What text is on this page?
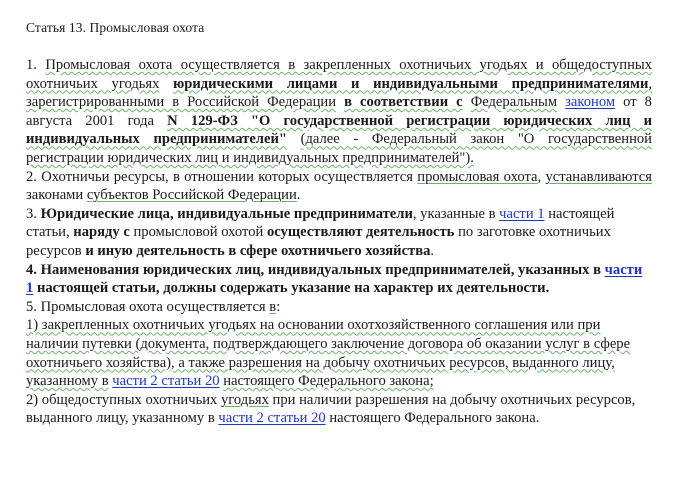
Статья 13. Промысловая охота

1. Промысловая охота осуществляется в закрепленных охотничьих угодьях и общедоступных охотничьих угодьях юридическими лицами и индивидуальными предпринимателями, зарегистрированными в Российской Федерации в соответствии с Федеральным законом от 8 августа 2001 года N 129-ФЗ "О государственной регистрации юридических лиц и индивидуальных предпринимателей" (далее - Федеральный закон "О государственной регистрации юридических лиц и индивидуальных предпринимателей").

2. Охотничьи ресурсы, в отношении которых осуществляется промысловая охота, устанавливаются законами субъектов Российской Федерации.

3. Юридические лица, индивидуальные предприниматели, указанные в части 1 настоящей статьи, наряду с промысловой охотой осуществляют деятельность по заготовке охотничьих ресурсов и иную деятельность в сфере охотничьего хозяйства.

4. Наименования юридических лиц, индивидуальных предпринимателей, указанных в части 1 настоящей статьи, должны содержать указание на характер их деятельности.

5. Промысловая охота осуществляется в:

1) закрепленных охотничьих угодьях на основании охотхозяйственного соглашения или при наличии путевки (документа, подтверждающего заключение договора об оказании услуг в сфере охотничьего хозяйства), а также разрешения на добычу охотничьих ресурсов, выданного лицу, указанному в части 2 статьи 20 настоящего Федерального закона;

2) общедоступных охотничьих угодьях при наличии разрешения на добычу охотничьих ресурсов, выданного лицу, указанному в части 2 статьи 20 настоящего Федерального закона.
